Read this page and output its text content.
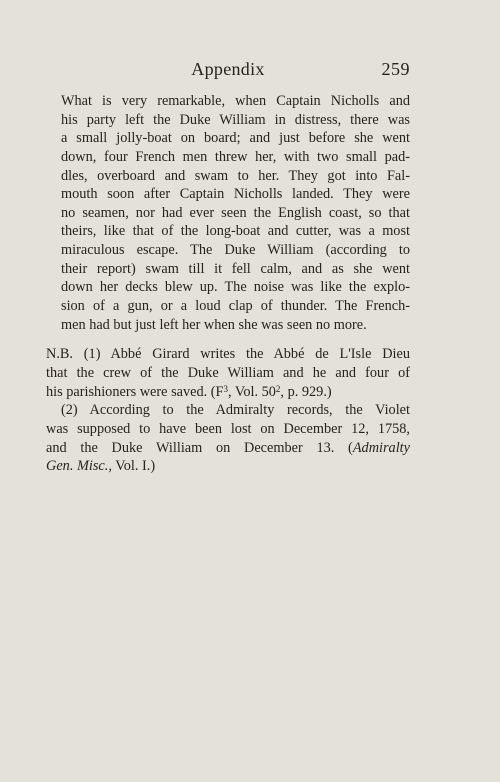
Appendix	259
What is very remarkable, when Captain Nicholls and
his party left the Duke William in distress, there was
a small jolly-boat on board; and just before she went
down, four French men threw her, with two small pad-
dles, overboard and swam to her. They got into Fal-
mouth soon after Captain Nicholls landed. They were
no seamen, nor had ever seen the English coast, so that
theirs, like that of the long-boat and cutter, was a most
miraculous escape. The Duke William (according to
their report) swam till it fell calm, and as she went
down her decks blew up. The noise was like the explo-
sion of a gun, or a loud clap of thunder. The French-
men had but just left her when she was seen no more.
N.B. (1) Abbé Girard writes the Abbé de L'Isle Dieu
that the crew of the Duke William and he and four of
his parishioners were saved. ($F^3$, Vol. $50^2$, p. 929.)
(2) According to the Admiralty records, the Violet
was supposed to have been lost on December 12, 1758,
and the Duke William on December 13. (Admiralty
Gen. Misc., Vol. I.)
